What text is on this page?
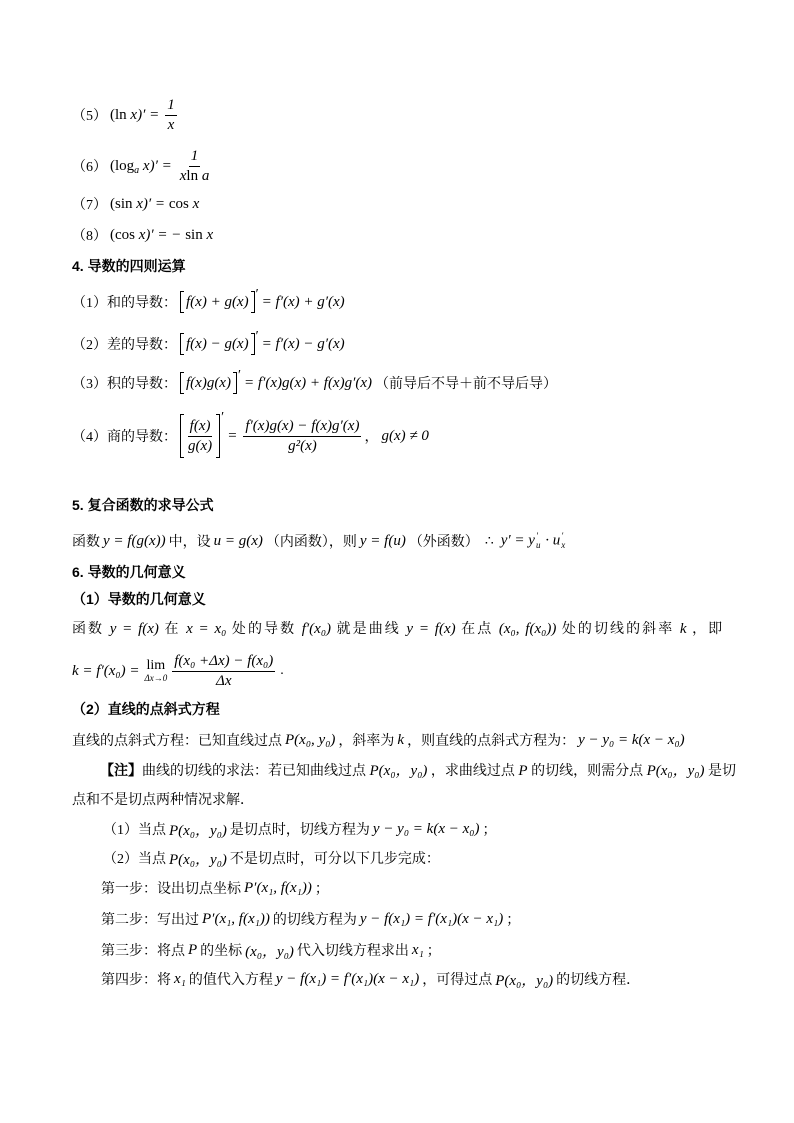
（5） (ln $x)' = \frac{1}{x}$
（6） ($\log_a$ $x)' = \frac{1}{\text{xln a}}$
（7） (sin x)′ = cos x
（8） (cos x)′ = − sin x
4. 导数的四则运算
（1）和的导数： f(x) + g(x) ′ = f′(x) + g′(x)
（2）差的导数： f(x) − g(x) ′ = f′(x) − g′(x)
（3）积的导数： f(x)g(x) ′ = f′(x)g(x) + f(x)g′(x) （前导后不导＋前不导后导）
（4）商的导数： $\frac{f(x)}{g(x)}$ ′
= $\frac{f'(x)g(x) - f(x)g'(x)}{\text{g²(x)}}$ ， g(x) ≠ 0
5. 复合函数的求导公式
函数 y = f(g(x)) 中，设 u = g(x) （内函数），则 y = f(u) （外函数） ∴ y′ = y ′
u · u ′
x
6. 导数的几何意义
（1）导数的几何意义
函数 y = f(x) 在 x = x₀ 处的导数 f′(x₀) 就是曲线 y = f(x) 在点 (x₀, f(x₀)) 处的切线的斜率 k ，即
k = f′(x₀) = lim
$\Delta x\to 0 \frac{\text{f(x₀ +Δx) − f(x₀)}}{\Delta x}$ .
（2）直线的点斜式方程
直线的点斜式方程：已知直线过点 P(x₀, y₀) ，斜率为 k ，则直线的点斜式方程为： y − y₀ = k(x − x₀)
【注】曲线的切线的求法：若已知曲线过点 P(x₀，y₀) ，求曲线过点 P 的切线，则需分点 P(x₀，y₀) 是切
点和不是切点两种情况求解．
（1）当点 P(x₀，y₀) 是切点时，切线方程为 y − y₀ = k(x − x₀) ；
（2）当点 P(x₀，y₀) 不是切点时，可分以下几步完成：
第一步：设出切点坐标 P′(x₁, f(x₁)) ；
第二步：写出过 P′(x₁, f(x₁)) 的切线方程为 y − f(x₁) = f′(x₁)(x − x₁) ；
第三步：将点 P 的坐标 (x₀，y₀) 代入切线方程求出 x₁ ；
第四步：将 x₁ 的值代入方程 y − f(x₁) = f′(x₁)(x − x₁) ，可得过点 P(x₀，y₀) 的切线方程．
